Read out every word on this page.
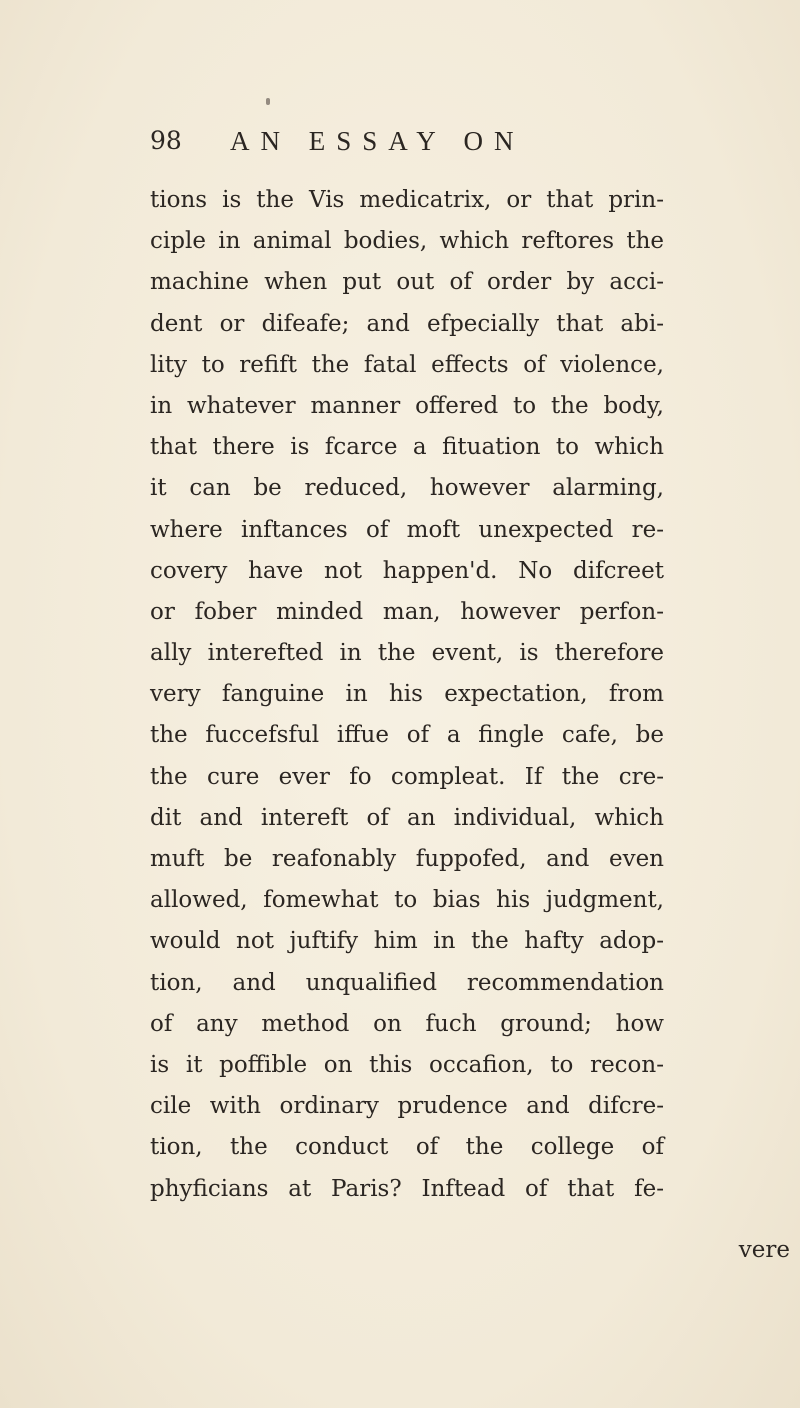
98 AN ESSAY ON
tions is the Vis medicatrix, or that prin-
ciple in animal bodies, which reftores the
machine when put out of order by acci-
dent or difeafe; and efpecially that abi-
lity to refift the fatal effects of violence,
in whatever manner offered to the body,
that there is fcarce a fituation to which
it can be reduced, however alarming,
where inftances of moft unexpected re-
covery have not happen'd. No difcreet
or fober minded man, however perfon-
ally interefted in the event, is therefore
very fanguine in his expectation, from
the fuccefsful iffue of a fingle cafe, be
the cure ever fo compleat. If the cre-
dit and intereft of an individual, which
muft be reafonably fuppofed, and even
allowed, fomewhat to bias his judgment,
would not juftify him in the hafty adop-
tion, and unqualified recommendation
of any method on fuch ground; how
is it poffible on this occafion, to recon-
cile with ordinary prudence and difcre-
tion, the conduct of the college of
phyficians at Paris? Inftead of that fe-
vere
